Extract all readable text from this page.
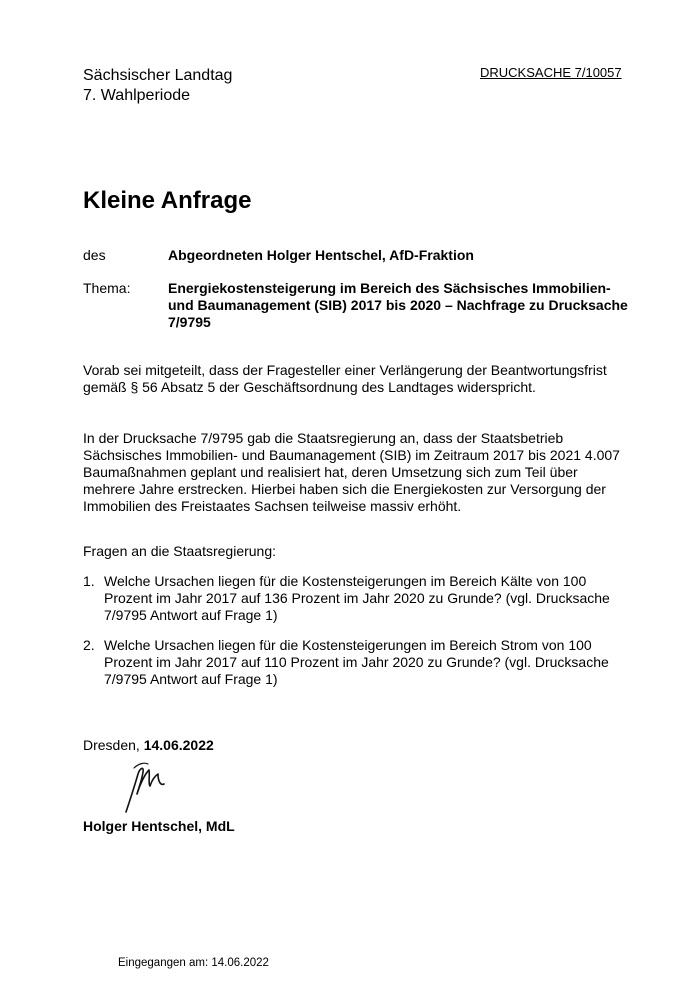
Sächsischer Landtag
7. Wahlperiode
DRUCKSACHE 7/10057
Kleine Anfrage
des	Abgeordneten Holger Hentschel, AfD-Fraktion
Thema:	Energiekostensteigerung im Bereich des Sächsisches Immobilien-
und Baumanagement (SIB) 2017 bis 2020 – Nachfrage zu Drucksache
7/9795
Vorab sei mitgeteilt, dass der Fragesteller einer Verlängerung der Beantwortungsfrist
gemäß § 56 Absatz 5 der Geschäftsordnung des Landtages widerspricht.
In der Drucksache 7/9795 gab die Staatsregierung an, dass der Staatsbetrieb
Sächsisches Immobilien- und Baumanagement (SIB) im Zeitraum 2017 bis 2021 4.007
Baumaßnahmen geplant und realisiert hat, deren Umsetzung sich zum Teil über
mehrere Jahre erstrecken. Hierbei haben sich die Energiekosten zur Versorgung der
Immobilien des Freistaates Sachsen teilweise massiv erhöht.
Fragen an die Staatsregierung:
1. Welche Ursachen liegen für die Kostensteigerungen im Bereich Kälte von 100
Prozent im Jahr 2017 auf 136 Prozent im Jahr 2020 zu Grunde? (vgl. Drucksache
7/9795 Antwort auf Frage 1)
2. Welche Ursachen liegen für die Kostensteigerungen im Bereich Strom von 100
Prozent im Jahr 2017 auf 110 Prozent im Jahr 2020 zu Grunde? (vgl. Drucksache
7/9795 Antwort auf Frage 1)
Dresden, 14.06.2022
Holger Hentschel, MdL
Eingegangen am: 14.06.2022
